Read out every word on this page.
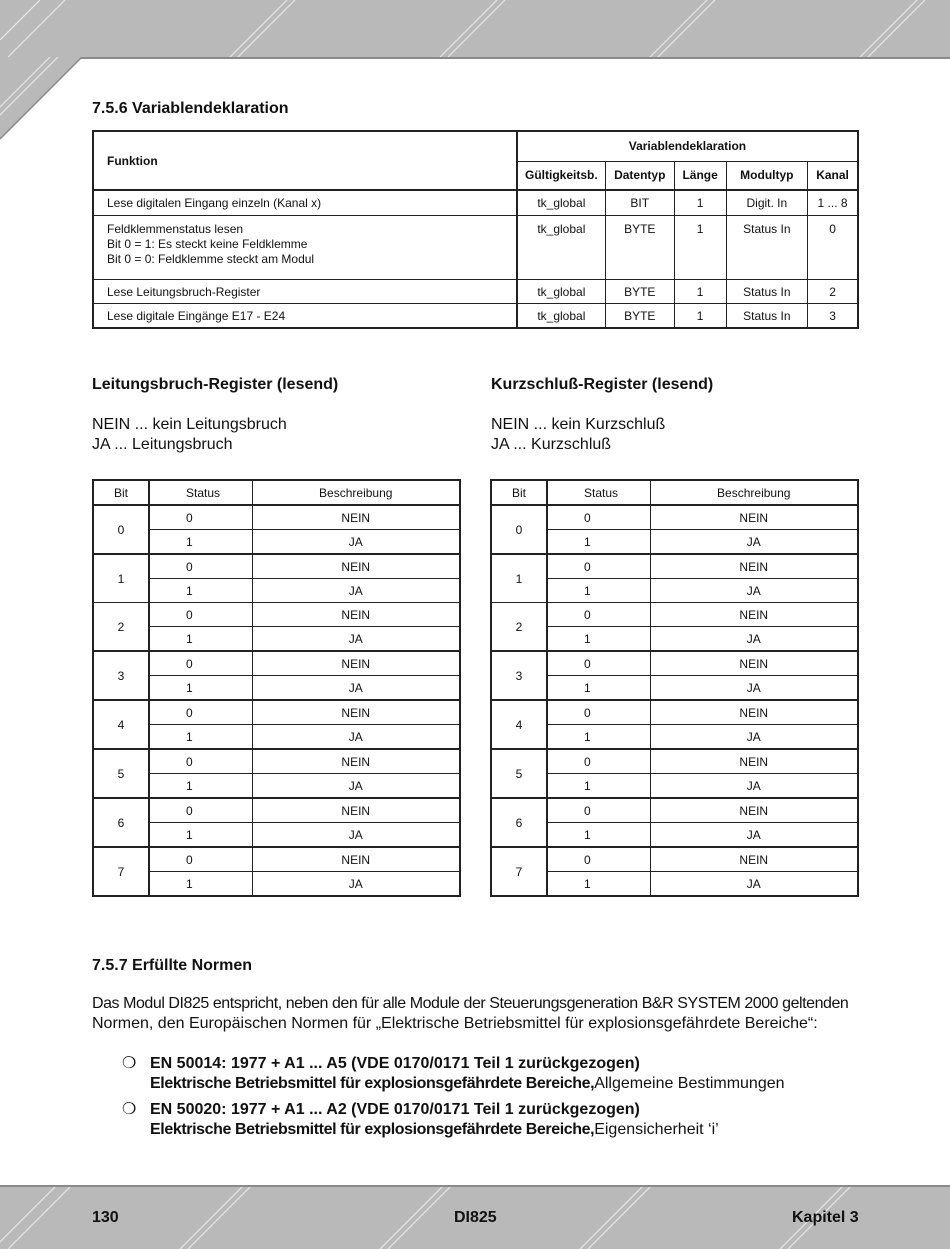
7.5.6 Variablendeklaration
Funktion	Variablendeklaration				
	Gültigkeitsb.	Datentyp	Länge	Modultyp	Kanal
Lese digitalen Eingang einzeln (Kanal x)	tk_global	BIT	1	Digit. In	1 ... 8

Feldklemmenstatus lesen
Bit 0 = 1: Es steckt keine Feldklemme
Bit 0 = 0: Feldklemme steckt am Modul	tk_global	BYTE	1	Status In	0
Lese Leitungsbruch-Register	tk_global	BYTE	1	Status In	2
Lese digitale Eingänge E17 - E24	tk_global	BYTE	1	Status In	3
Leitungsbruch-Register (lesend)
NEIN ... kein Leitungsbruch
JA ... Leitungsbruch
Kurzschluß-Register (lesend)
NEIN ... kein Kurzschluß
JA ... Kurzschluß
Bit	Status	Beschreibung
0	0	NEIN
	1	JA
1	0	NEIN
	1	JA
2	0	NEIN
	1	JA
3	0	NEIN
	1	JA
4	0	NEIN
	1	JA
5	0	NEIN
	1	JA
6	0	NEIN
	1	JA
7	0	NEIN
	1	JA
Bit	Status	Beschreibung
0	0	NEIN
	1	JA
1	0	NEIN
	1	JA
2	0	NEIN
	1	JA
3	0	NEIN
	1	JA
4	0	NEIN
	1	JA
5	0	NEIN
	1	JA
6	0	NEIN
	1	JA
7	0	NEIN
	1	JA
7.5.7 Erfüllte Normen
Das Modul DI825 entspricht, neben den für alle Module der Steuerungsgeneration B&R SYSTEM 2000 geltenden
Normen, den Europäischen Normen für „Elektrische Betriebsmittel für explosionsgefährdete Bereiche“:
❍ EN 50014: 1977 + A1 ... A5 (VDE 0170/0171 Teil 1 zurückgezogen)
Elektrische Betriebsmittel für explosionsgefährdete Bereiche,Allgemeine Bestimmungen
❍ EN 50020: 1977 + A1 ... A2 (VDE 0170/0171 Teil 1 zurückgezogen)
Elektrische Betriebsmittel für explosionsgefährdete Bereiche,Eigensicherheit ‘i’
130	DI825	Kapitel 3
